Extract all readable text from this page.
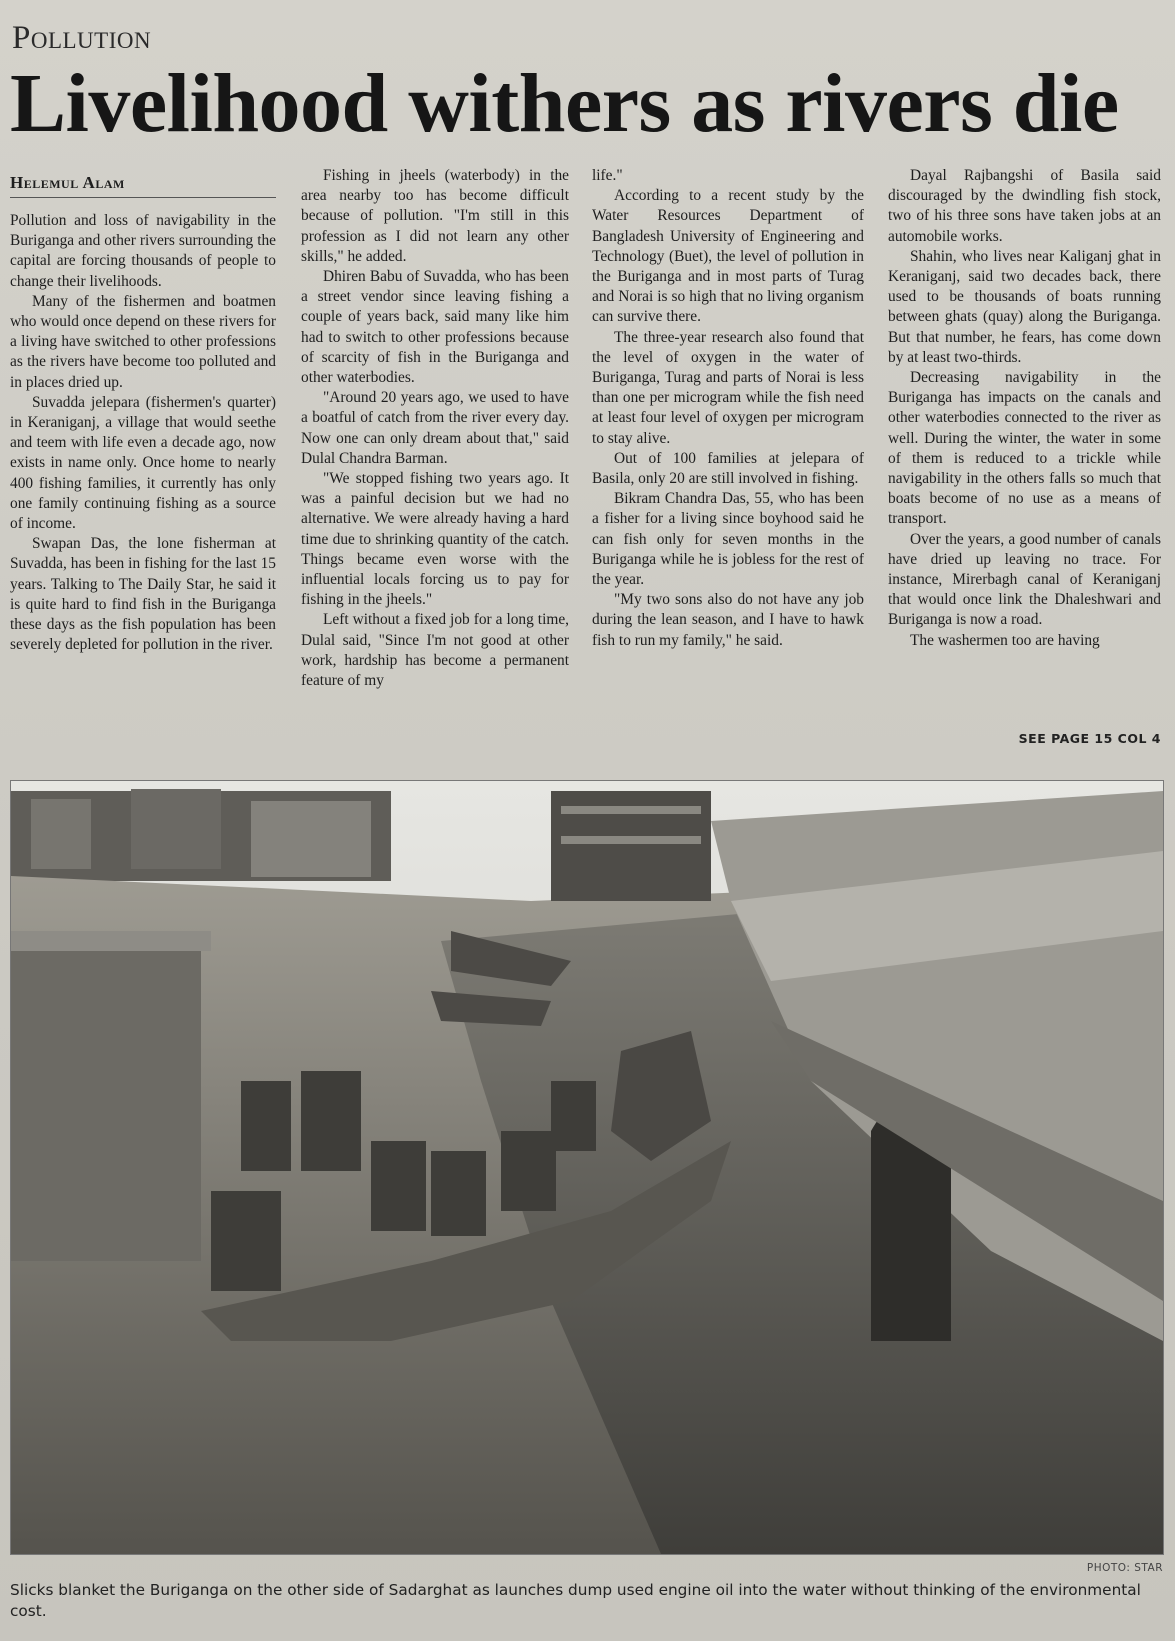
Pollution
Livelihood withers as rivers die
Helemul Alam

Pollution and loss of navigability in the Buriganga and other rivers surrounding the capital are forcing thousands of people to change their livelihoods.

Many of the fishermen and boatmen who would once depend on these rivers for a living have switched to other professions as the rivers have become too polluted and in places dried up.

Suvadda jelepara (fishermen's quarter) in Keraniganj, a village that would seethe and teem with life even a decade ago, now exists in name only. Once home to nearly 400 fishing families, it currently has only one family continuing fishing as a source of income.

Swapan Das, the lone fisherman at Suvadda, has been in fishing for the last 15 years. Talking to The Daily Star, he said it is quite hard to find fish in the Buriganga these days as the fish population has been severely depleted for pollution in the river.

Fishing in jheels (waterbody) in the area nearby too has become difficult because of pollution. "I'm still in this profession as I did not learn any other skills," he added.

Dhiren Babu of Suvadda, who has been a street vendor since leaving fishing a couple of years back, said many like him had to switch to other professions because of scarcity of fish in the Buriganga and other waterbodies.

"Around 20 years ago, we used to have a boatful of catch from the river every day. Now one can only dream about that," said Dulal Chandra Barman.

"We stopped fishing two years ago. It was a painful decision but we had no alternative. We were already having a hard time due to shrinking quantity of the catch. Things became even worse with the influential locals forcing us to pay for fishing in the jheels."

Left without a fixed job for a long time, Dulal said, "Since I'm not good at other work, hardship has become a permanent feature of my

life."

According to a recent study by the Water Resources Department of Bangladesh University of Engineering and Technology (Buet), the level of pollution in the Buriganga and in most parts of Turag and Norai is so high that no living organism can survive there.

The three-year research also found that the level of oxygen in the water of Buriganga, Turag and parts of Norai is less than one per microgram while the fish need at least four level of oxygen per microgram to stay alive.

Out of 100 families at jelepara of Basila, only 20 are still involved in fishing.

Bikram Chandra Das, 55, who has been a fisher for a living since boyhood said he can fish only for seven months in the Buriganga while he is jobless for the rest of the year.

"My two sons also do not have any job during the lean season, and I have to hawk fish to run my family," he said.

Dayal Rajbangshi of Basila said discouraged by the dwindling fish stock, two of his three sons have taken jobs at an automobile works.

Shahin, who lives near Kaliganj ghat in Keraniganj, said two decades back, there used to be thousands of boats running between ghats (quay) along the Buriganga. But that number, he fears, has come down by at least two-thirds.

Decreasing navigability in the Buriganga has impacts on the canals and other waterbodies connected to the river as well. During the winter, the water in some of them is reduced to a trickle while navigability in the others falls so much that boats become of no use as a means of transport.

Over the years, a good number of canals have dried up leaving no trace. For instance, Mirerbagh canal of Keraniganj that would once link the Dhaleshwari and Buriganga is now a road.

The washermen too are having

SEE PAGE 15 COL 4
PHOTO: STAR
Slicks blanket the Buriganga on the other side of Sadarghat as launches dump used engine oil into the water without thinking of the environmental cost.
